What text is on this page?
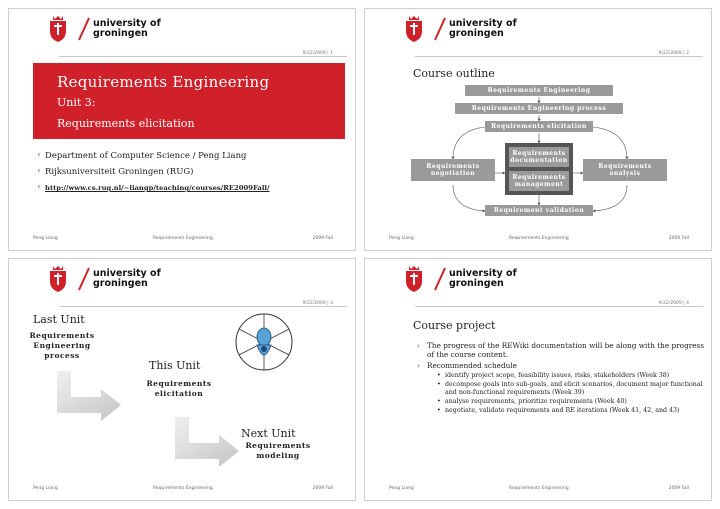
university of
groningen
9/22/2009 | 1
Requirements Engineering
Unit 3:
Requirements elicitation
› Department of Computer Science / Peng Liang
› Rijksuniversiteit Groningen (RUG)
› http://www.cs.rug.nl/~liangp/teaching/courses/RE2009Fall/
Peng Liang	Requirements Engineering	2009 Fall
university of
groningen
9/22/2009 | 2
Course outline
Requirements Engineering
Requirements Engineering process
Requirements elicitation
Requirements documentation
Requirements negotiation
Requirements analysis
Requirements management
Requirement validation
Peng Liang	Requirements Engineering	2009 Fall
university of
groningen
9/22/2009 | 3
Last Unit
Requirements Engineering process
This Unit
Requirements elicitation
Next Unit
Requirements modeling
Peng Liang	Requirements Engineering	2009 Fall
university of
groningen
9/22/2009 | 4
Course project
› The progress of the REWiki documentation will be along with the progress of the course content.
› Recommended schedule
• identify project scope, feasibility issues, risks, stakeholders (Week 38)
• decompose goals into sub-goals, and elicit scenarios, document major functional and non-functional requirements (Week 39)
• analyse requirements, prioritize requirements (Week 40)
• negotiate, validate requirements and RE iterations (Week 41, 42, and 43)
Peng Liang	Requirements Engineering	2009 Fall
